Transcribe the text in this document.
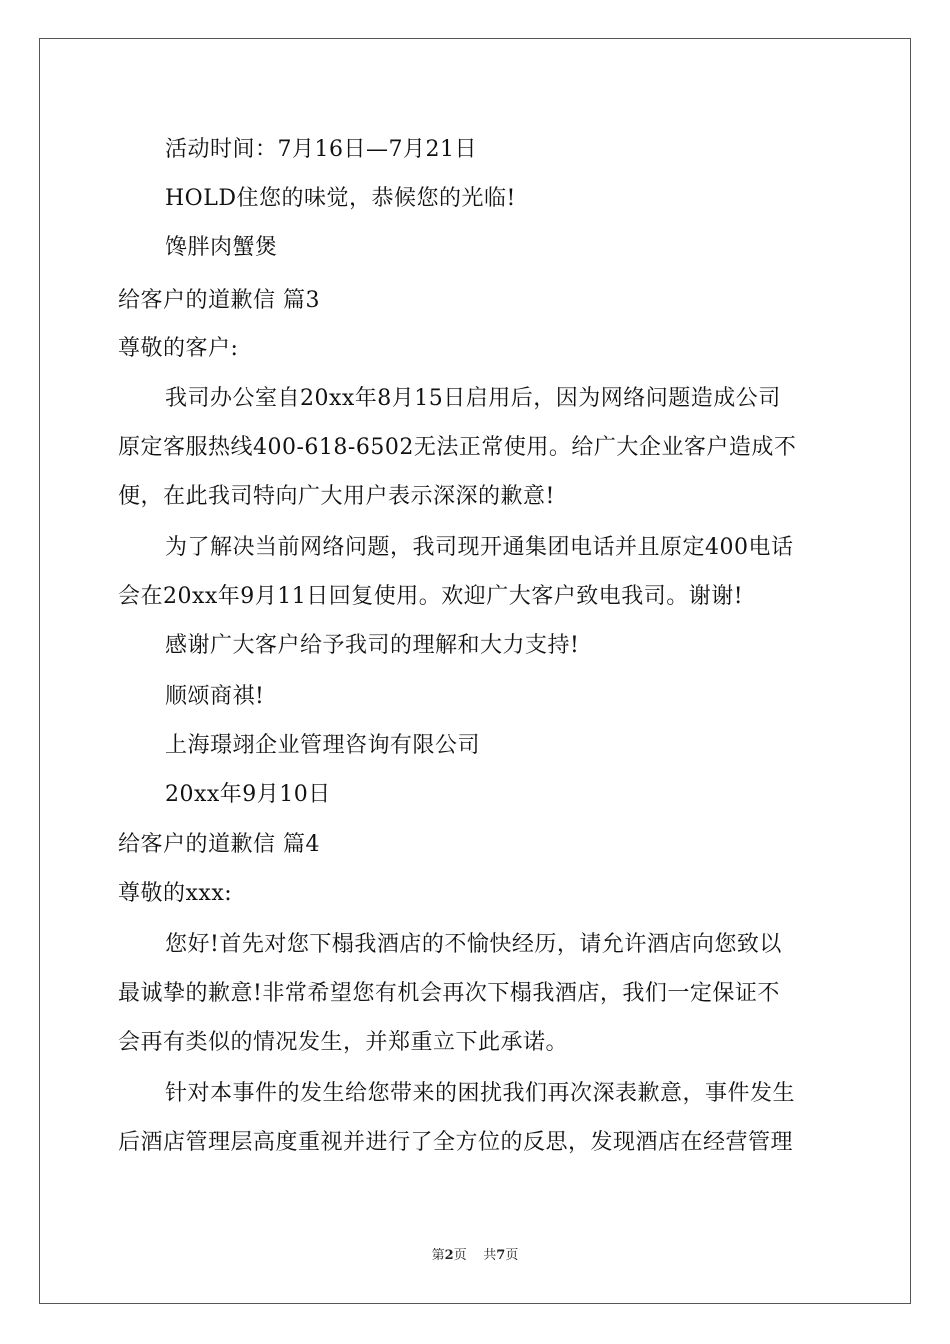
活动时间：7月16日—7月21日
HOLD住您的味觉，恭候您的光临!
馋胖肉蟹煲
给客户的道歉信 篇3
尊敬的客户:
我司办公室自20xx年8月15日启用后，因为网络问题造成公司
原定客服热线400-618-6502无法正常使用。给广大企业客户造成不
便，在此我司特向广大用户表示深深的歉意!
为了解决当前网络问题，我司现开通集团电话并且原定400电话
会在20xx年9月11日回复使用。欢迎广大客户致电我司。谢谢!
感谢广大客户给予我司的理解和大力支持!
顺颂商祺!
上海璟翊企业管理咨询有限公司
20xx年9月10日
给客户的道歉信 篇4
尊敬的xxx:
您好!首先对您下榻我酒店的不愉快经历，请允许酒店向您致以
最诚挚的歉意!非常希望您有机会再次下榻我酒店，我们一定保证不
会再有类似的情况发生，并郑重立下此承诺。
针对本事件的发生给您带来的困扰我们再次深表歉意，事件发生
后酒店管理层高度重视并进行了全方位的反思，发现酒店在经营管理
第2页 共7页
